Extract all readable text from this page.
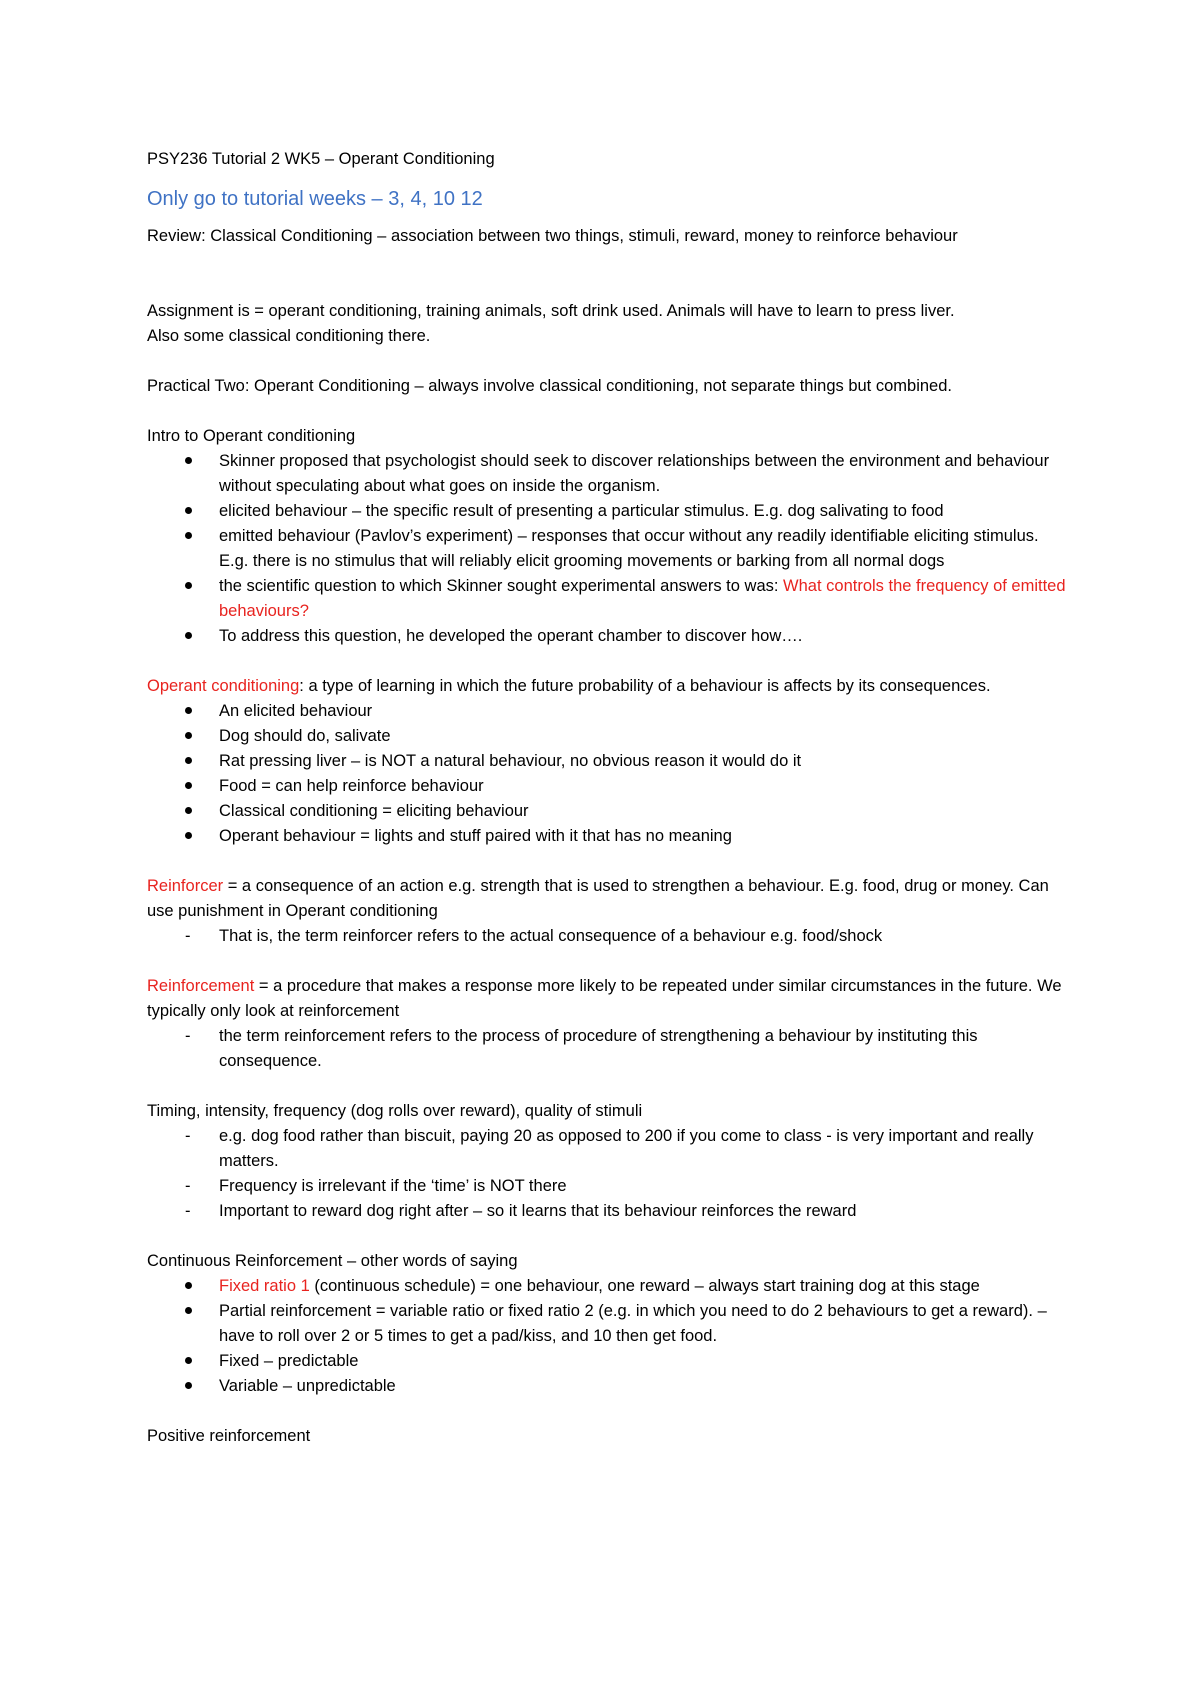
PSY236 Tutorial 2 WK5 – Operant Conditioning

Only go to tutorial weeks – 3, 4, 10 12

Review: Classical Conditioning – association between two things, stimuli, reward, money to reinforce behaviour

Assignment is = operant conditioning, training animals, soft drink used. Animals will have to learn to press liver.

Also some classical conditioning there.

Practical Two: Operant Conditioning – always involve classical conditioning, not separate things but combined.

Intro to Operant conditioning

Skinner proposed that psychologist should seek to discover relationships between the environment and behaviour without speculating about what goes on inside the organism.
elicited behaviour – the specific result of presenting a particular stimulus. E.g. dog salivating to food
emitted behaviour (Pavlov’s experiment) – responses that occur without any readily identifiable eliciting stimulus. E.g. there is no stimulus that will reliably elicit grooming movements or barking from all normal dogs
the scientific question to which Skinner sought experimental answers to was: What controls the frequency of emitted behaviours?
To address this question, he developed the operant chamber to discover how….

Operant conditioning: a type of learning in which the future probability of a behaviour is affects by its consequences.

An elicited behaviour
Dog should do, salivate
Rat pressing liver – is NOT a natural behaviour, no obvious reason it would do it
Food = can help reinforce behaviour
Classical conditioning = eliciting behaviour
Operant behaviour = lights and stuff paired with it that has no meaning

Reinforcer = a consequence of an action e.g. strength that is used to strengthen a behaviour. E.g. food, drug or money. Can use punishment in Operant conditioning

-	That is, the term reinforcer refers to the actual consequence of a behaviour e.g. food/shock

Reinforcement = a procedure that makes a response more likely to be repeated under similar circumstances in the future. We typically only look at reinforcement

-	the term reinforcement refers to the process of procedure of strengthening a behaviour by instituting this consequence.

Timing, intensity, frequency (dog rolls over reward), quality of stimuli

-	e.g. dog food rather than biscuit, paying 20 as opposed to 200 if you come to class - is very important and really matters.
-	Frequency is irrelevant if the ‘time’ is NOT there
-	Important to reward dog right after – so it learns that its behaviour reinforces the reward

Continuous Reinforcement – other words of saying

Fixed ratio 1 (continuous schedule) = one behaviour, one reward – always start training dog at this stage
Partial reinforcement = variable ratio or fixed ratio 2 (e.g. in which you need to do 2 behaviours to get a reward). – have to roll over 2 or 5 times to get a pad/kiss, and 10 then get food.
Fixed – predictable
Variable – unpredictable

Positive reinforcement
